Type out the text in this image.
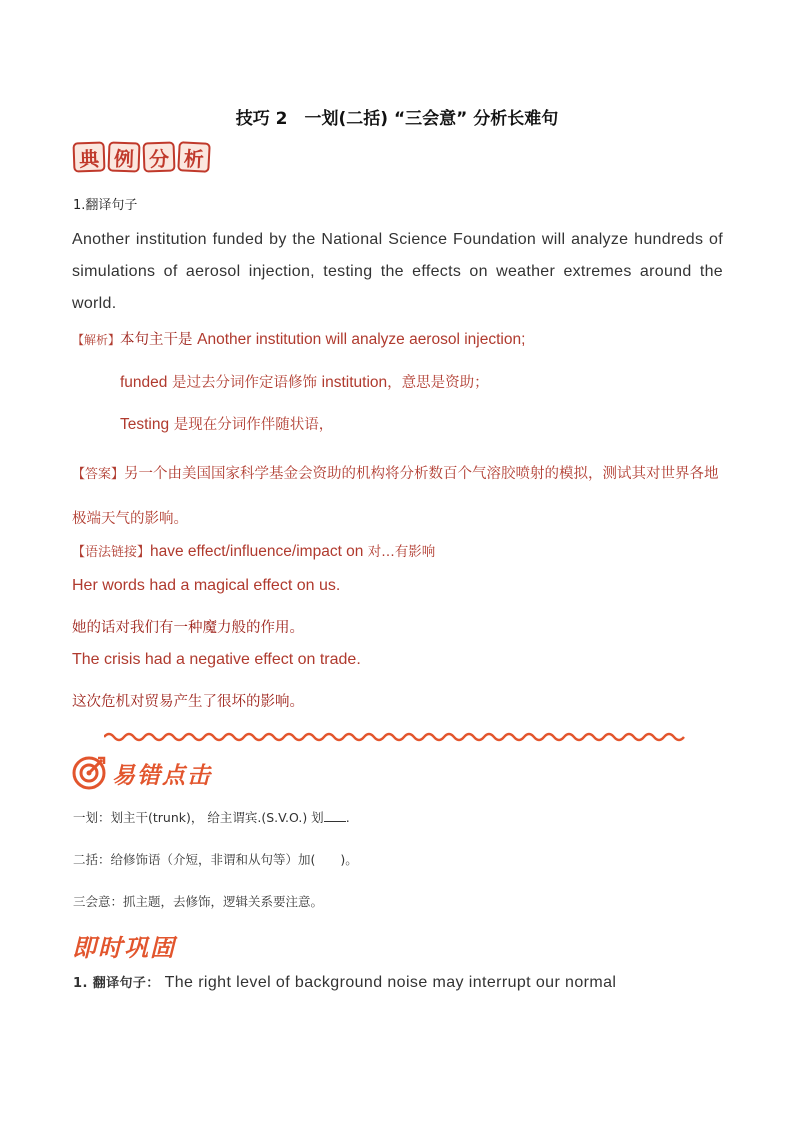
技巧 2　一划(二括) “三会意” 分析长难句
典 例 分 析
1.翻译句子
Another institution funded by the National Science Foundation will analyze hundreds of simulations of aerosol injection, testing the effects on weather extremes around the world.
【解析】本句主干是 Another institution will analyze aerosol injection;
funded 是过去分词作定语修饰 institution，意思是资助；
Testing 是现在分词作伴随状语，
【答案】另一个由美国国家科学基金会资助的机构将分析数百个气溶胶喷射的模拟，测试其对世界各地极端天气的影响。
【语法链接】have effect/influence/impact on 对…有影响
Her words had a magical effect on us.
她的话对我们有一种魔力般的作用。
The crisis had a negative effect on trade.
这次危机对贸易产生了很坏的影响。
易错点击
一划：划主干(trunk)， 给主谓宾.(S.V.O.) 划 .
二括：给修饰语（介短，非谓和从句等）加(　　)。
三会意：抓主题，去修饰，逻辑关系要注意。
即时巩固
1. 翻译句子： The right level of background noise may interrupt our normal
